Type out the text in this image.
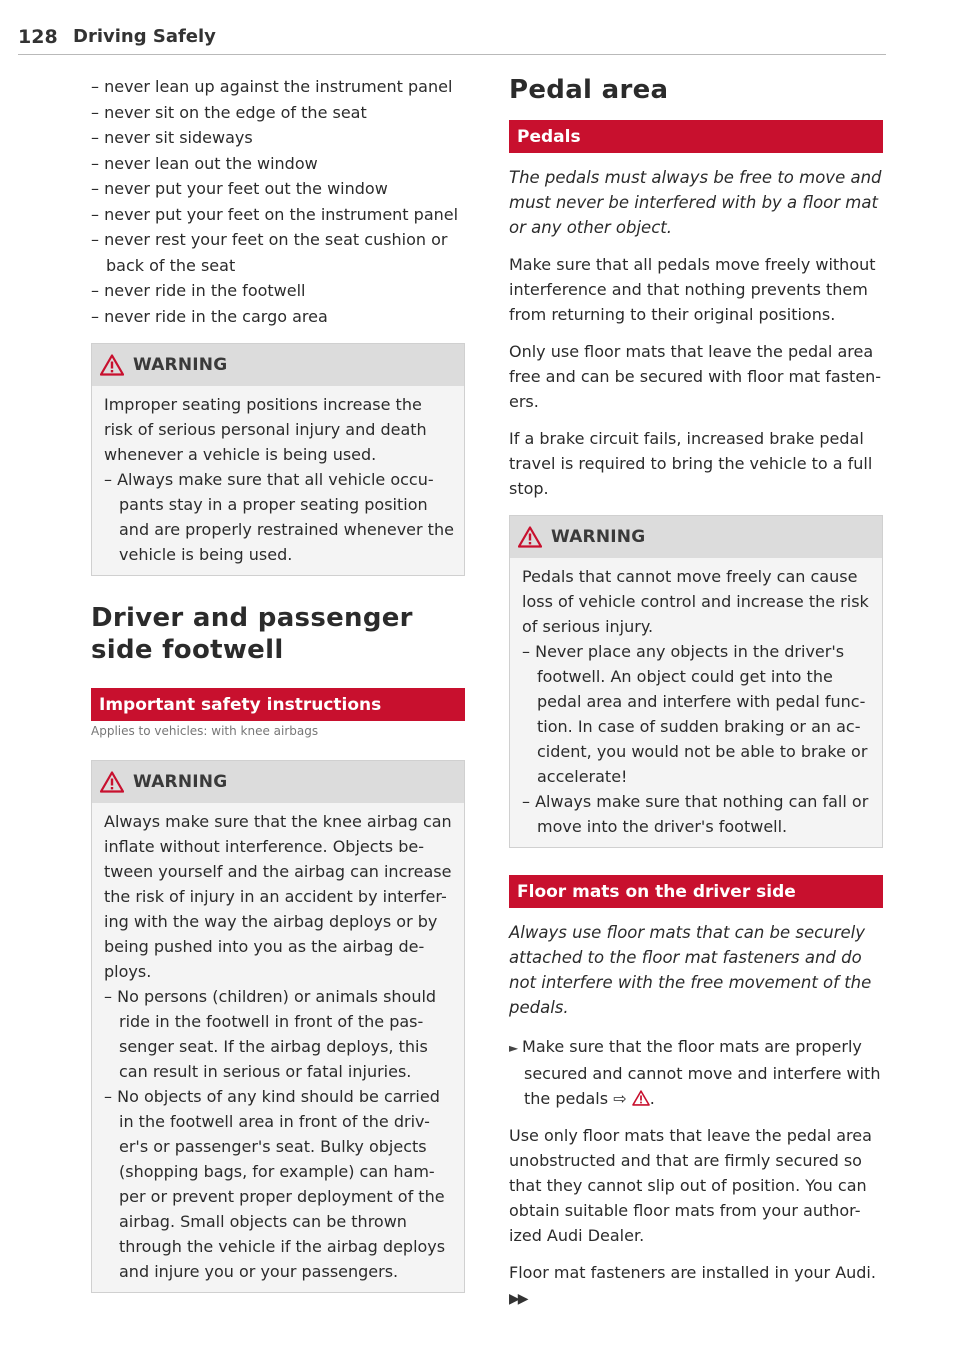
128 Driving Safely
– never lean up against the instrument panel
– never sit on the edge of the seat
– never sit sideways
– never lean out the window
– never put your feet out the window
– never put your feet on the instrument panel
– never rest your feet on the seat cushion or back of the seat
– never ride in the footwell
– never ride in the cargo area
WARNING

Improper seating positions increase the risk of serious personal injury and death whenever a vehicle is being used.

– Always make sure that all vehicle occu-pants stay in a proper seating position and are properly restrained whenever the vehicle is being used.
Driver and passenger side footwell
Important safety instructions

Applies to vehicles: with knee airbags

WARNING

Always make sure that the knee airbag can inflate without interference. Objects be-tween yourself and the airbag can increase the risk of injury in an accident by interfer-ing with the way the airbag deploys or by being pushed into you as the airbag de-ploys.

– No persons (children) or animals should ride in the footwell in front of the pas-senger seat. If the airbag deploys, this can result in serious or fatal injuries.
– No objects of any kind should be carried in the footwell area in front of the driv-er's or passenger's seat. Bulky objects (shopping bags, for example) can ham-per or prevent proper deployment of the airbag. Small objects can be thrown through the vehicle if the airbag deploys and injure you or your passengers.
Pedal area
Pedals

The pedals must always be free to move and must never be interfered with by a floor mat or any other object.

Make sure that all pedals move freely without interference and that nothing prevents them from returning to their original positions.

Only use floor mats that leave the pedal area free and can be secured with floor mat fasten-ers.

If a brake circuit fails, increased brake pedal travel is required to bring the vehicle to a full stop.

WARNING

Pedals that cannot move freely can cause loss of vehicle control and increase the risk of serious injury.

– Never place any objects in the driver's footwell. An object could get into the pedal area and interfere with pedal func-tion. In case of sudden braking or an ac-cident, you would not be able to brake or accelerate!
– Always make sure that nothing can fall or move into the driver's footwell.
Floor mats on the driver side

Always use floor mats that can be securely attached to the floor mat fasteners and do not interfere with the free movement of the pedals.

► Make sure that the floor mats are properly secured and cannot move and interfere with the pedals ⇨ .

Use only floor mats that leave the pedal area unobstructed and that are firmly secured so that they cannot slip out of position. You can obtain suitable floor mats from your author-ized Audi Dealer.

Floor mat fasteners are installed in your Audi. ▶▶
